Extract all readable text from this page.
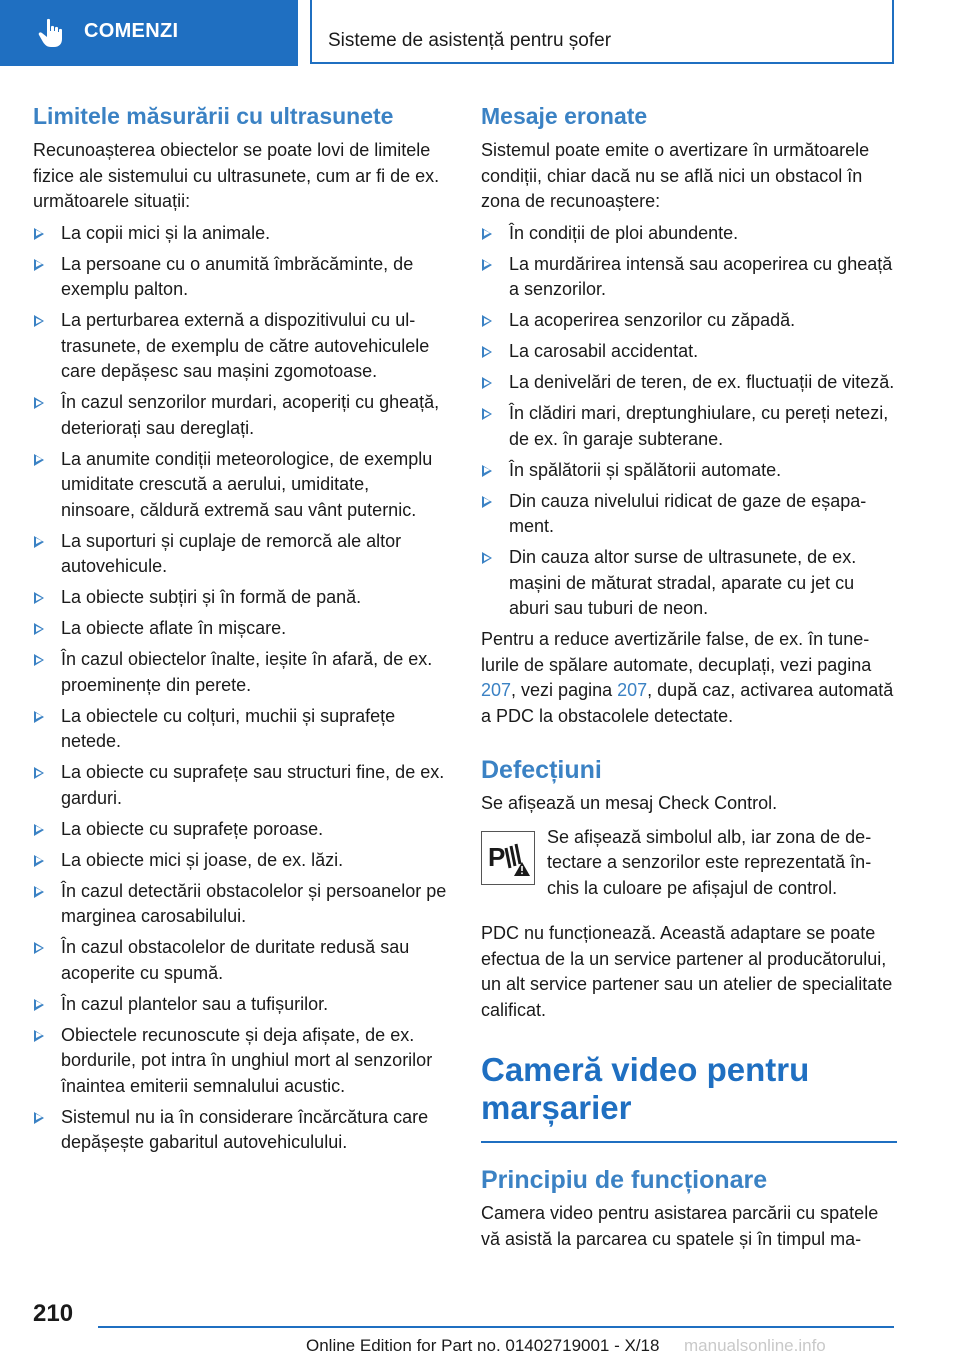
COMENZI	Sisteme de asistență pentru șofer
Limitele măsurării cu ultrasunete

Recunoașterea obiectelor se poate lovi de limitele fizice ale sistemului cu ultrasunete, cum ar fi de ex. următoarele situații:

La copii mici și la animale.
La persoane cu o anumită îmbrăcăminte, de exemplu palton.
La perturbarea externă a dispozitivului cu ultrasunete, de exemplu de către autovehiculele care depășesc sau mașini zgomotoase.
În cazul senzorilor murdari, acoperiți cu gheață, deteriorați sau dereglați.
La anumite condiții meteorologice, de exemplu umiditate crescută a aerului, umiditate, ninsoare, căldură extremă sau vânt puternic.
La suporturi și cuplaje de remorcă ale altor autovehicule.
La obiecte subțiri și în formă de pană.
La obiecte aflate în mișcare.
În cazul obiectelor înalte, ieșite în afară, de ex. proeminențe din perete.
La obiectele cu colțuri, muchii și suprafețe netede.
La obiecte cu suprafețe sau structuri fine, de ex. garduri.
La obiecte cu suprafețe poroase.
La obiecte mici și joase, de ex. lăzi.
În cazul detectării obstacolelor și persoanelor pe marginea carosabilului.
În cazul obstacolelor de duritate redusă sau acoperite cu spumă.
În cazul plantelor sau a tufișurilor.
Obiectele recunoscute și deja afișate, de ex. bordurile, pot intra în unghiul mort al senzorilor înaintea emiterii semnalului acustic.
Sistemul nu ia în considerare încărcătura care depășește gabaritul autovehiculului.
Mesaje eronate

Sistemul poate emite o avertizare în următoarele condiții, chiar dacă nu se află nici un obstacol în zona de recunoaștere:

În condiții de ploi abundente.
La murdărirea intensă sau acoperirea cu gheață a senzorilor.
La acoperirea senzorilor cu zăpadă.
La carosabil accidentat.
La denivelări de teren, de ex. fluctuații de viteză.
În clădiri mari, dreptunghiulare, cu pereți netezi, de ex. în garaje subterane.
În spălătorii și spălătorii automate.
Din cauza nivelului ridicat de gaze de eșapament.
Din cauza altor surse de ultrasunete, de ex. mașini de măturat stradal, aparate cu jet cu aburi sau tuburi de neon.

Pentru a reduce avertizările false, de ex. în tunelurile de spălare automate, decuplați, vezi pagina 207, vezi pagina 207, după caz, activarea automată a PDC la obstacolele detectate.

Defecțiuni

Se afișează un mesaj Check Control.

P

Se afișează simbolul alb, iar zona de detectare a senzorilor este reprezentată închis la culoare pe afișajul de control.

PDC nu funcționează. Această adaptare se poate efectua de la un service partener al producătorului, un alt service partener sau un atelier de specialitate calificat.

Cameră video pentru marșarier
Principiu de funcționare

Camera video pentru asistarea parcării cu spatele vă asistă la parcarea cu spatele și în timpul ma-

210
Online Edition for Part no. 01402719001 - X/18 manualsonline.info
